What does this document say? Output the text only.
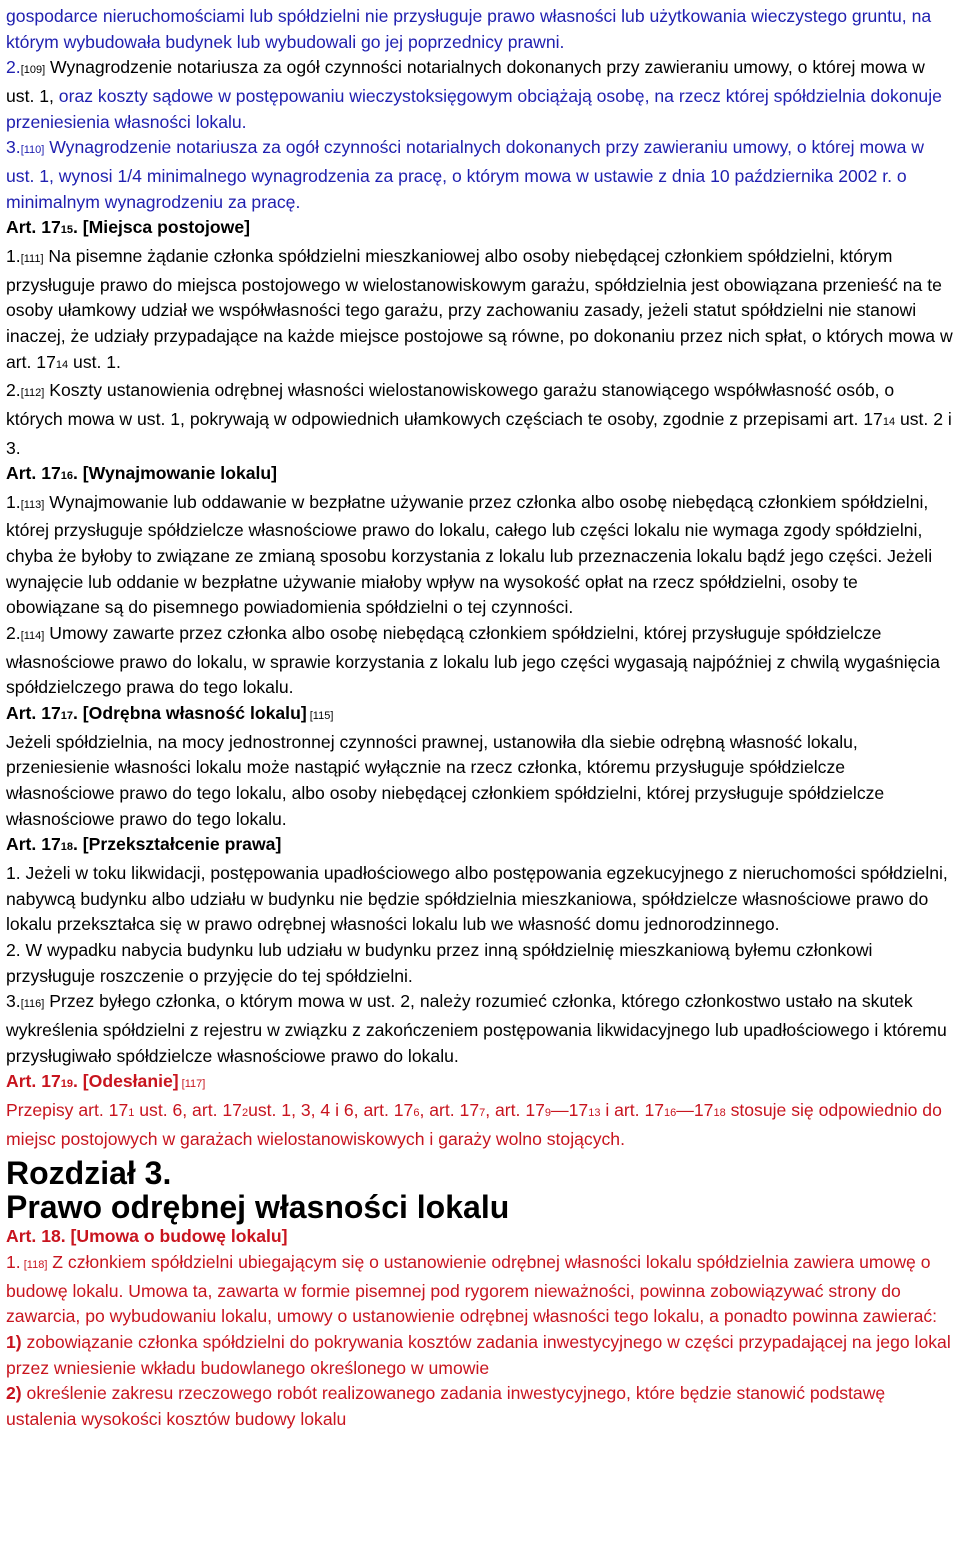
gospodarce nieruchomościami lub spółdzielni nie przysługuje prawo własności lub użytkowania wieczystego gruntu, na którym wybudowała budynek lub wybudowali go jej poprzednicy prawni.

2.[109] Wynagrodzenie notariusza za ogół czynności notarialnych dokonanych przy zawieraniu umowy, o której mowa w ust. 1, oraz koszty sądowe w postępowaniu wieczystoksięgowym obciążają osobę, na rzecz której spółdzielnia dokonuje przeniesienia własności lokalu.

3.[110] Wynagrodzenie notariusza za ogół czynności notarialnych dokonanych przy zawieraniu umowy, o której mowa w ust. 1, wynosi 1/4 minimalnego wynagrodzenia za pracę, o którym mowa w ustawie z dnia 10 października 2002 r. o minimalnym wynagrodzeniu za pracę.

Art. 1715. [Miejsca postojowe]

1.[111] Na pisemne żądanie członka spółdzielni mieszkaniowej albo osoby niebędącej członkiem spółdzielni, którym przysługuje prawo do miejsca postojowego w wielostanowiskowym garażu, spółdzielnia jest obowiązana przenieść na te osoby ułamkowy udział we współwłasności tego garażu, przy zachowaniu zasady, jeżeli statut spółdzielni nie stanowi inaczej, że udziały przypadające na każde miejsce postojowe są równe, po dokonaniu przez nich spłat, o których mowa w art. 1714 ust. 1.

2.[112] Koszty ustanowienia odrębnej własności wielostanowiskowego garażu stanowiącego współwłasność osób, o których mowa w ust. 1, pokrywają w odpowiednich ułamkowych częściach te osoby, zgodnie z przepisami art. 1714 ust. 2 i 3.

Art. 1716. [Wynajmowanie lokalu]

1.[113] Wynajmowanie lub oddawanie w bezpłatne używanie przez członka albo osobę niebędącą członkiem spółdzielni, której przysługuje spółdzielcze własnościowe prawo do lokalu, całego lub części lokalu nie wymaga zgody spółdzielni, chyba że byłoby to związane ze zmianą sposobu korzystania z lokalu lub przeznaczenia lokalu bądź jego części. Jeżeli wynajęcie lub oddanie w bezpłatne używanie miałoby wpływ na wysokość opłat na rzecz spółdzielni, osoby te obowiązane są do pisemnego powiadomienia spółdzielni o tej czynności.

2.[114] Umowy zawarte przez członka albo osobę niebędącą członkiem spółdzielni, której przysługuje spółdzielcze własnościowe prawo do lokalu, w sprawie korzystania z lokalu lub jego części wygasają najpóźniej z chwilą wygaśnięcia spółdzielczego prawa do tego lokalu.

Art. 1717. [Odrębna własność lokalu] [115]

Jeżeli spółdzielnia, na mocy jednostronnej czynności prawnej, ustanowiła dla siebie odrębną własność lokalu, przeniesienie własności lokalu może nastąpić wyłącznie na rzecz członka, któremu przysługuje spółdzielcze własnościowe prawo do tego lokalu, albo osoby niebędącej członkiem spółdzielni, której przysługuje spółdzielcze własnościowe prawo do tego lokalu.

Art. 1718. [Przekształcenie prawa]

1. Jeżeli w toku likwidacji, postępowania upadłościowego albo postępowania egzekucyjnego z nieruchomości spółdzielni, nabywcą budynku albo udziału w budynku nie będzie spółdzielnia mieszkaniowa, spółdzielcze własnościowe prawo do lokalu przekształca się w prawo odrębnej własności lokalu lub we własność domu jednorodzinnego.

2. W wypadku nabycia budynku lub udziału w budynku przez inną spółdzielnię mieszkaniową byłemu członkowi przysługuje roszczenie o przyjęcie do tej spółdzielni.

3.[116] Przez byłego członka, o którym mowa w ust. 2, należy rozumieć członka, którego członkostwo ustało na skutek wykreślenia spółdzielni z rejestru w związku z zakończeniem postępowania likwidacyjnego lub upadłościowego i któremu przysługiwało spółdzielcze własnościowe prawo do lokalu.

Art. 1719. [Odesłanie] [117]

Przepisy art. 171 ust. 6, art. 172ust. 1, 3, 4 i 6, art. 176, art. 177, art. 179—1713 i art. 1716—1718 stosuje się odpowiednio do miejsc postojowych w garażach wielostanowiskowych i garaży wolno stojących.

Rozdział 3.
Prawo odrębnej własności lokalu

Art. 18. [Umowa o budowę lokalu]

1. [118] Z członkiem spółdzielni ubiegającym się o ustanowienie odrębnej własności lokalu spółdzielnia zawiera umowę o budowę lokalu. Umowa ta, zawarta w formie pisemnej pod rygorem nieważności, powinna zobowiązywać strony do zawarcia, po wybudowaniu lokalu, umowy o ustanowienie odrębnej własności tego lokalu, a ponadto powinna zawierać:

1) zobowiązanie członka spółdzielni do pokrywania kosztów zadania inwestycyjnego w części przypadającej na jego lokal przez wniesienie wkładu budowlanego określonego w umowie

2) określenie zakresu rzeczowego robót realizowanego zadania inwestycyjnego, które będzie stanowić podstawę ustalenia wysokości kosztów budowy lokalu
